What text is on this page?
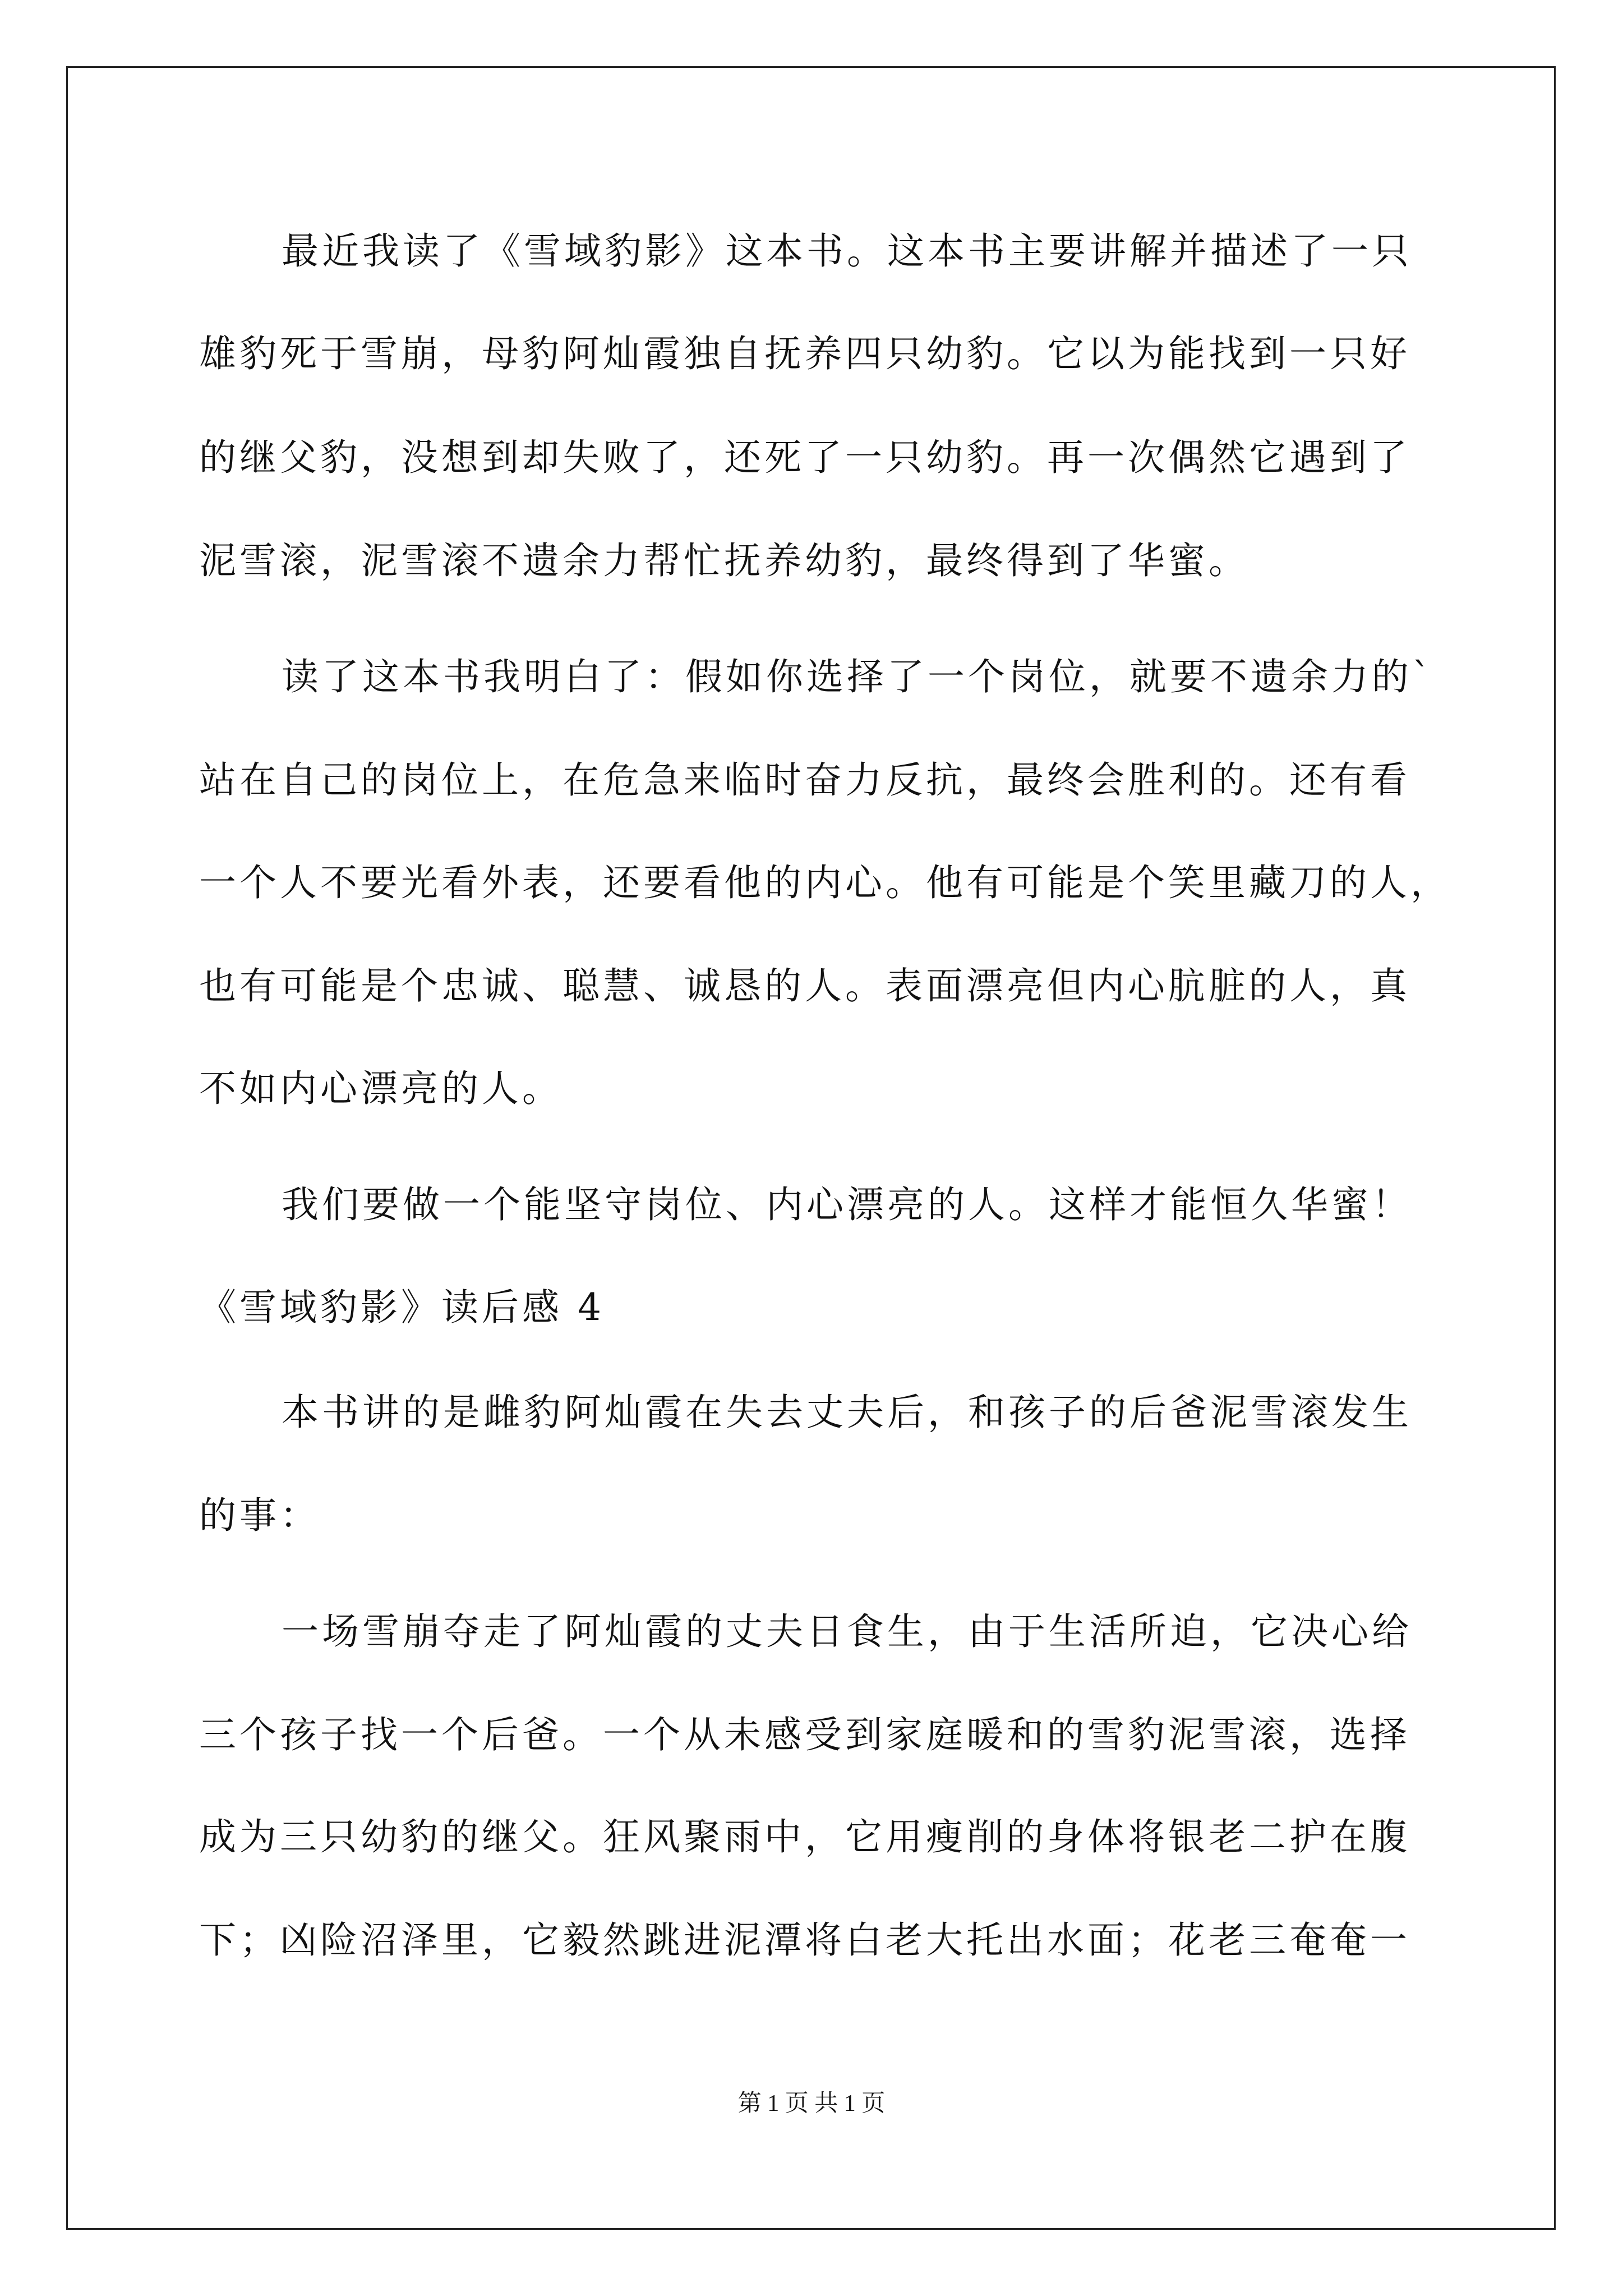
最近我读了《雪域豹影》这本书。这本书主要讲解并描述了一只
雄豹死于雪崩，母豹阿灿霞独自抚养四只幼豹。它以为能找到一只好
的继父豹，没想到却失败了，还死了一只幼豹。再一次偶然它遇到了
泥雪滚，泥雪滚不遗余力帮忙抚养幼豹，最终得到了华蜜。
读了这本书我明白了：假如你选择了一个岗位，就要不遗余力的`
站在自己的岗位上，在危急来临时奋力反抗，最终会胜利的。还有看
一个人不要光看外表，还要看他的内心。他有可能是个笑里藏刀的人，
也有可能是个忠诚、聪慧、诚恳的人。表面漂亮但内心肮脏的人，真
不如内心漂亮的人。
我们要做一个能坚守岗位、内心漂亮的人。这样才能恒久华蜜！
《雪域豹影》读后感 4
本书讲的是雌豹阿灿霞在失去丈夫后，和孩子的后爸泥雪滚发生
的事：
一场雪崩夺走了阿灿霞的丈夫日食生，由于生活所迫，它决心给
三个孩子找一个后爸。一个从未感受到家庭暖和的雪豹泥雪滚，选择
成为三只幼豹的继父。狂风聚雨中，它用瘦削的身体将银老二护在腹
下；凶险沼泽里，它毅然跳进泥潭将白老大托出水面；花老三奄奄一
第 1 页 共 1 页
